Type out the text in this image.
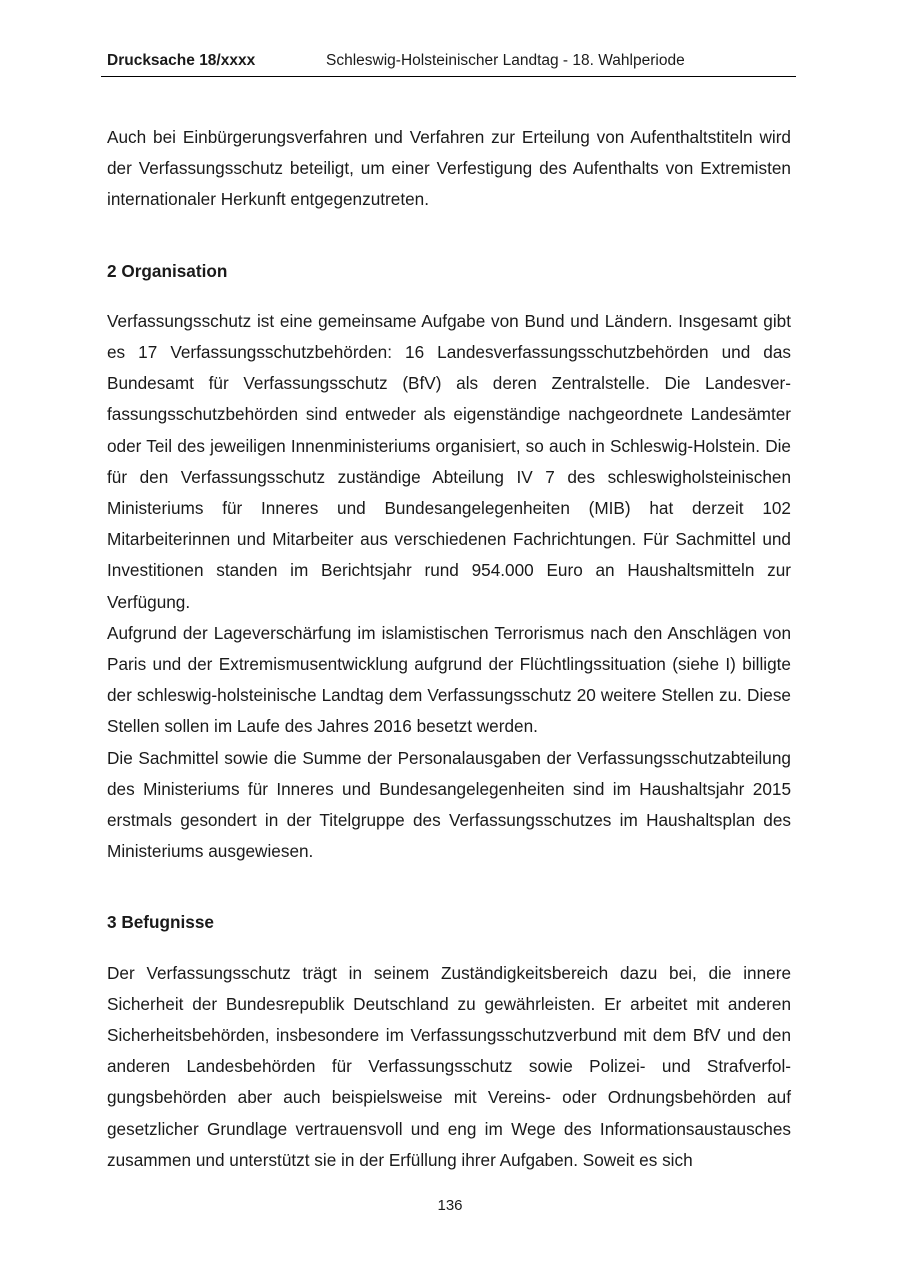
Drucksache 18/xxxx	Schleswig-Holsteinischer Landtag - 18. Wahlperiode

Auch bei Einbürgerungsverfahren und Verfahren zur Erteilung von Aufenthaltstiteln wird der Verfassungsschutz beteiligt, um einer Verfestigung des Aufenthalts von Extremisten internationaler Herkunft entgegenzutreten.

2 Organisation

Verfassungsschutz ist eine gemeinsame Aufgabe von Bund und Ländern. Insgesamt gibt es 17 Verfassungsschutzbehörden: 16 Landesverfassungsschutzbehörden und das Bundesamt für Verfassungsschutz (BfV) als deren Zentralstelle. Die Landesverfassungsschutzbehörden sind entweder als eigenständige nachgeordnete Landesämter oder Teil des jeweiligen Innenministeriums organisiert, so auch in Schleswig-Holstein. Die für den Verfassungsschutz zuständige Abteilung IV 7 des schleswigholsteinischen Ministeriums für Inneres und Bundesangelegenheiten (MIB) hat derzeit 102 Mitarbeiterinnen und Mitarbeiter aus verschiedenen Fachrichtungen. Für Sachmittel und Investitionen standen im Berichtsjahr rund 954.000 Euro an Haushaltsmitteln zur Verfügung.

Aufgrund der Lageverschärfung im islamistischen Terrorismus nach den Anschlägen von Paris und der Extremismusentwicklung aufgrund der Flüchtlingssituation (siehe I) billigte der schleswig-holsteinische Landtag dem Verfassungsschutz 20 weitere Stellen zu. Diese Stellen sollen im Laufe des Jahres 2016 besetzt werden.

Die Sachmittel sowie die Summe der Personalausgaben der Verfassungsschutzabteilung des Ministeriums für Inneres und Bundesangelegenheiten sind im Haushaltsjahr 2015 erstmals gesondert in der Titelgruppe des Verfassungsschutzes im Haushaltsplan des Ministeriums ausgewiesen.

3 Befugnisse

Der Verfassungsschutz trägt in seinem Zuständigkeitsbereich dazu bei, die innere Sicherheit der Bundesrepublik Deutschland zu gewährleisten. Er arbeitet mit anderen Sicherheitsbehörden, insbesondere im Verfassungsschutzverbund mit dem BfV und den anderen Landesbehörden für Verfassungsschutz sowie Polizei- und Strafverfolgungsbehörden aber auch beispielsweise mit Vereins- oder Ordnungsbehörden auf gesetzlicher Grundlage vertrauensvoll und eng im Wege des Informationsaustausches zusammen und unterstützt sie in der Erfüllung ihrer Aufgaben. Soweit es sich

136
